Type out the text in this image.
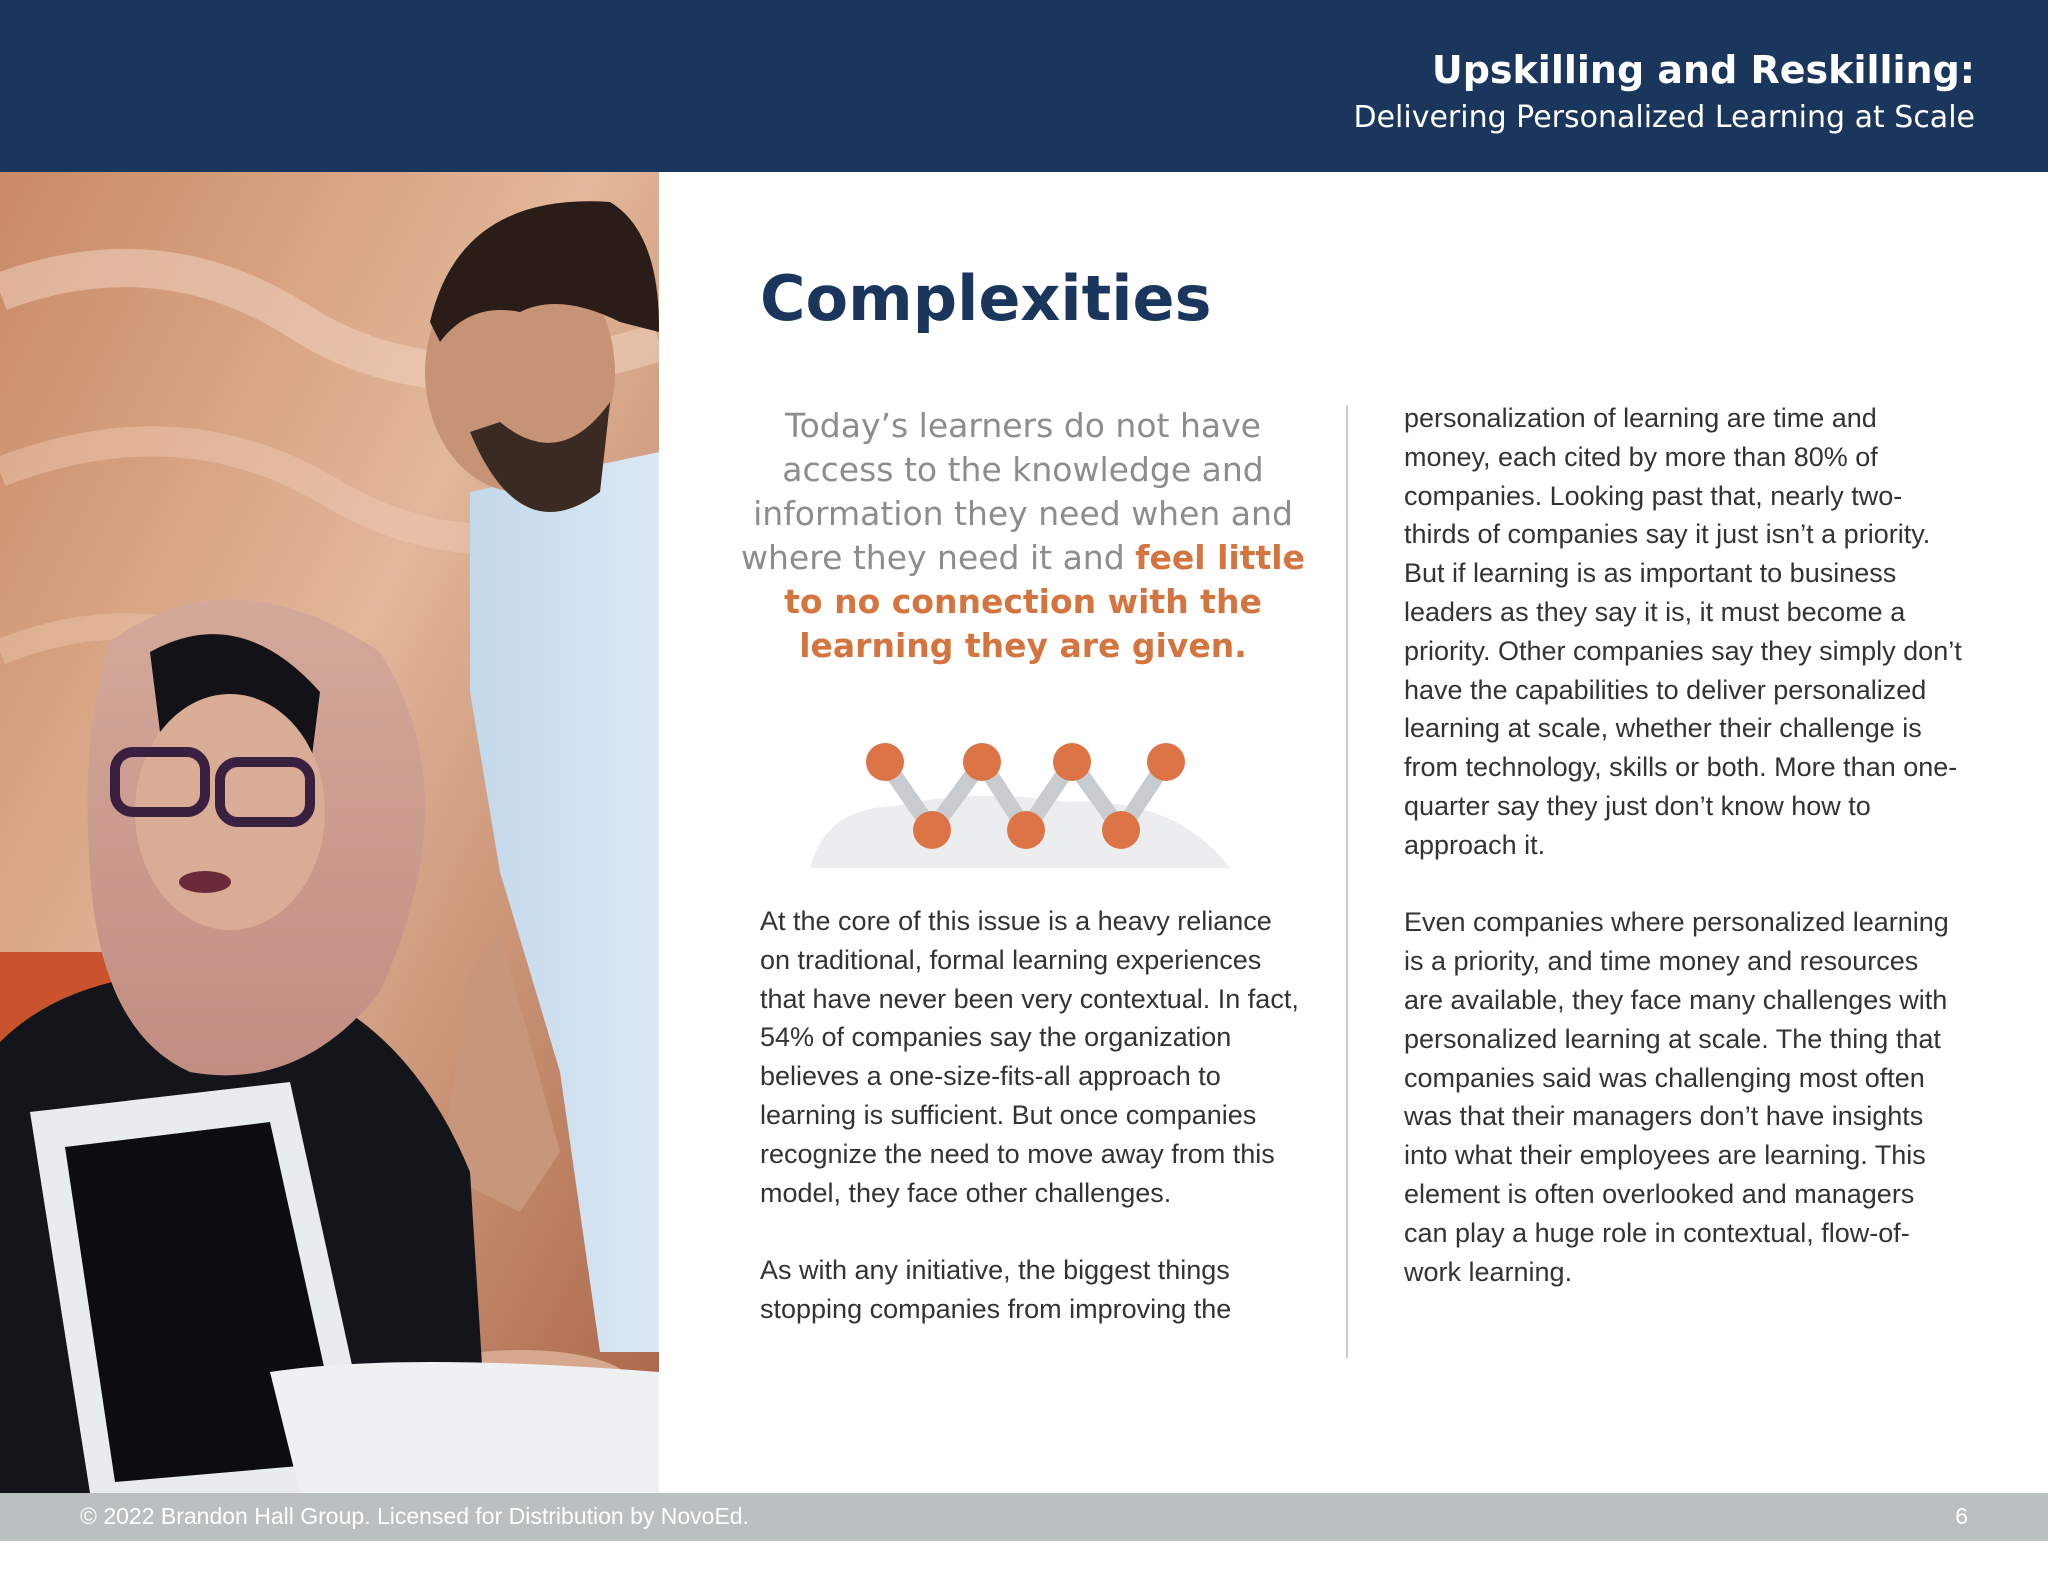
Upskilling and Reskilling:
Delivering Personalized Learning at Scale
Complexities
Today’s learners do not have access to the knowledge and information they need when and where they need it and feel little to no connection with the learning they are given.

At the core of this issue is a heavy reliance on traditional, formal learning experiences that have never been very contextual. In fact, 54% of companies say the organization believes a one-size-fits-all approach to learning is sufficient. But once companies recognize the need to move away from this model, they face other challenges.

As with any initiative, the biggest things stopping companies from improving the

personalization of learning are time and money, each cited by more than 80% of companies. Looking past that, nearly two-thirds of companies say it just isn’t a priority. But if learning is as important to business leaders as they say it is, it must become a priority. Other companies say they simply don’t have the capabilities to deliver personalized learning at scale, whether their challenge is from technology, skills or both. More than one-quarter say they just don’t know how to approach it.

Even companies where personalized learning is a priority, and time money and resources are available, they face many challenges with personalized learning at scale. The thing that companies said was challenging most often was that their managers don’t have insights into what their employees are learning. This element is often overlooked and managers can play a huge role in contextual, flow-of-work learning.

© 2022 Brandon Hall Group. Licensed for Distribution by NovoEd.	6
